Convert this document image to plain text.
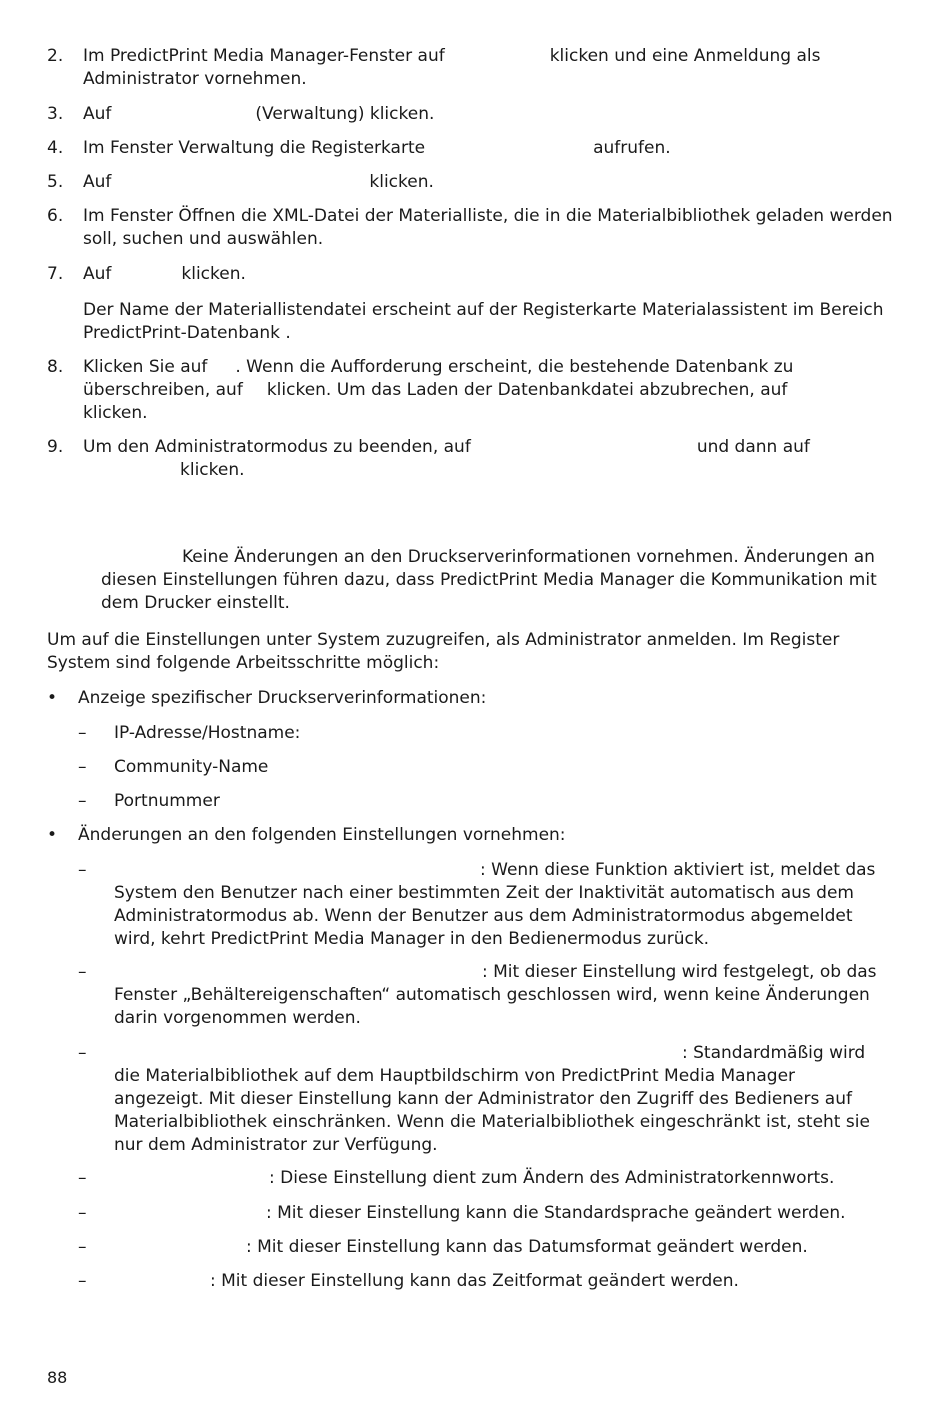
2. Im PredictPrint Media Manager-Fenster auf	klicken und eine Anmeldung als Administrator vornehmen.

3. Auf	(Verwaltung) klicken.

4. Im Fenster Verwaltung die Registerkarte	aufrufen.

5. Auf	klicken.

6. Im Fenster Öffnen die XML-Datei der Materialliste, die in die Materialbibliothek geladen werden soll, suchen und auswählen.

7. Auf	klicken.

Der Name der Materiallistendatei erscheint auf der Registerkarte Materialassistent im Bereich PredictPrint-Datenbank .

8. Klicken Sie auf . Wenn die Aufforderung erscheint, die bestehende Datenbank zu überschreiben, auf klicken. Um das Laden der Datenbankdatei abzubrechen, auf klicken.

9. Um den Administratormodus zu beenden, auf	und dann auf
klicken.

Keine Änderungen an den Druckserverinformationen vornehmen. Änderungen an diesen Einstellungen führen dazu, dass PredictPrint Media Manager die Kommunikation mit dem Drucker einstellt.

Um auf die Einstellungen unter System zuzugreifen, als Administrator anmelden. Im Register System sind folgende Arbeitsschritte möglich:

• Anzeige spezifischer Druckserverinformationen:

– IP-Adresse/Hostname:

– Community-Name

– Portnummer

• Änderungen an den folgenden Einstellungen vornehmen:

–	: Wenn diese Funktion aktiviert ist, meldet das System den Benutzer nach einer bestimmten Zeit der Inaktivität automatisch aus dem Administratormodus ab. Wenn der Benutzer aus dem Administratormodus abgemeldet wird, kehrt PredictPrint Media Manager in den Bedienermodus zurück.

–	: Mit dieser Einstellung wird festgelegt, ob das Fenster „Behältereigenschaften“ automatisch geschlossen wird, wenn keine Änderungen darin vorgenommen werden.

–	: Standardmäßig wird die Materialbibliothek auf dem Hauptbildschirm von PredictPrint Media Manager angezeigt. Mit dieser Einstellung kann der Administrator den Zugriff des Bedieners auf Materialbibliothek einschränken. Wenn die Materialbibliothek eingeschränkt ist, steht sie nur dem Administrator zur Verfügung.

–	: Diese Einstellung dient zum Ändern des Administratorkennworts.

–	: Mit dieser Einstellung kann die Standardsprache geändert werden.

–	: Mit dieser Einstellung kann das Datumsformat geändert werden.

–	: Mit dieser Einstellung kann das Zeitformat geändert werden.

88
